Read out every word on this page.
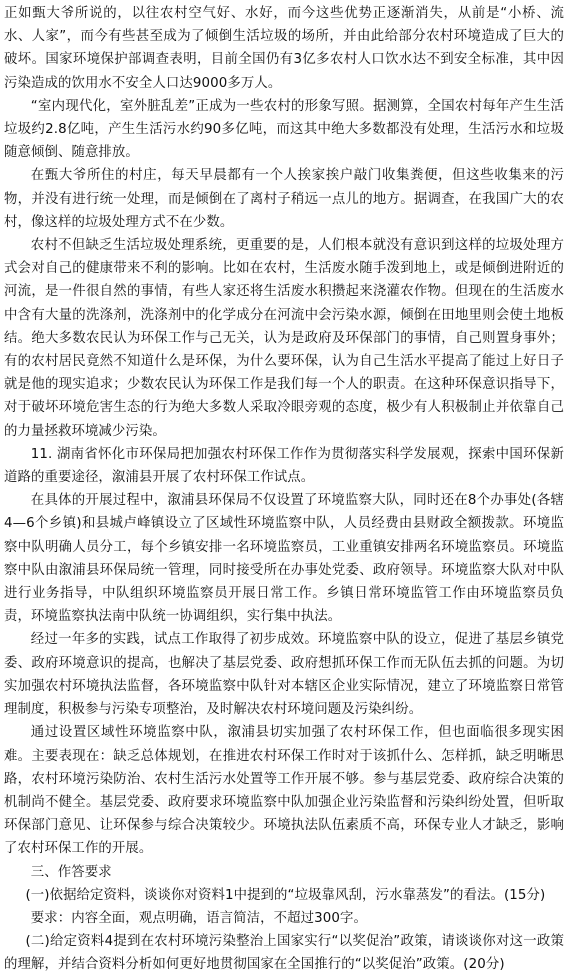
正如甄大爷所说的，以往农村空气好、水好，而今这些优势正逐渐消失，从前是“小桥、流水、人家”，而今有些甚至成为了倾倒生活垃圾的场所，并由此给部分农村环境造成了巨大的破坏。国家环境保护部调查表明，目前全国仍有3亿多农村人口饮水达不到安全标准，其中因污染造成的饮用水不安全人口达9000多万人。

“室内现代化，室外脏乱差”正成为一些农村的形象写照。据测算，全国农村每年产生生活垃圾约2.8亿吨，产生生活污水约90多亿吨，而这其中绝大多数都没有处理，生活污水和垃圾随意倾倒、随意排放。

在甄大爷所住的村庄，每天早晨都有一个人挨家挨户敲门收集粪便，但这些收集来的污物，并没有进行统一处理，而是倾倒在了离村子稍远一点儿的地方。据调查，在我国广大的农村，像这样的垃圾处理方式不在少数。

农村不但缺乏生活垃圾处理系统，更重要的是，人们根本就没有意识到这样的垃圾处理方式会对自己的健康带来不利的影响。比如在农村，生活废水随手泼到地上，或是倾倒进附近的河流，是一件很自然的事情，有些人家还将生活废水积攒起来浇灌农作物。但现在的生活废水中含有大量的洗涤剂，洗涤剂中的化学成分在河流中会污染水源，倾倒在田地里则会使土地板结。绝大多数农民认为环保工作与己无关，认为是政府及环保部门的事情，自己则置身事外；有的农村居民竟然不知道什么是环保，为什么要环保，认为自己生活水平提高了能过上好日子就是他的现实追求；少数农民认为环保工作是我们每一个人的职责。在这种环保意识指导下，对于破坏环境危害生态的行为绝大多数人采取冷眼旁观的态度，极少有人积极制止并依靠自己的力量拯救环境减少污染。

11. 湖南省怀化市环保局把加强农村环保工作作为贯彻落实科学发展观，探索中国环保新道路的重要途径，溆浦县开展了农村环保工作试点。

在具体的开展过程中，溆浦县环保局不仅设置了环境监察大队，同时还在8个办事处(各辖4—6个乡镇)和县城卢峰镇设立了区域性环境监察中队，人员经费由县财政全额拨款。环境监察中队明确人员分工，每个乡镇安排一名环境监察员，工业重镇安排两名环境监察员。环境监察中队由溆浦县环保局统一管理，同时接受所在办事处党委、政府领导。环境监察大队对中队进行业务指导，中队组织环境监察员开展日常工作。乡镇日常环境监管工作由环境监察员负责，环境监察执法南中队统一协调组织，实行集中执法。

经过一年多的实践，试点工作取得了初步成效。环境监察中队的设立，促进了基层乡镇党委、政府环境意识的提高，也解决了基层党委、政府想抓环保工作而无队伍去抓的问题。为切实加强农村环境执法监督，各环境监察中队针对本辖区企业实际情况，建立了环境监察日常管理制度，积极参与污染专项整治，及时解决农村环境问题及污染纠纷。

通过设置区域性环境监察中队，溆浦县切实加强了农村环保工作，但也面临很多现实困难。主要表现在：缺乏总体规划，在推进农村环保工作时对于该抓什么、怎样抓，缺乏明晰思路，农村环境污染防治、农村生活污水处置等工作开展不够。参与基层党委、政府综合决策的机制尚不健全。基层党委、政府要求环境监察中队加强企业污染监督和污染纠纷处置，但听取环保部门意见、让环保参与综合决策较少。环境执法队伍素质不高，环保专业人才缺乏，影响了农村环保工作的开展。

三、作答要求

(一)依据给定资料，谈谈你对资料1中提到的“垃圾靠风刮，污水靠蒸发”的看法。(15分)

要求：内容全面，观点明确，语言简洁，不超过300字。

(二)给定资料4提到在农村环境污染整治上国家实行“以奖促治”政策，请谈谈你对这一政策的理解，并结合资料分析如何更好地贯彻国家在全国推行的“以奖促治”政策。(20分)
